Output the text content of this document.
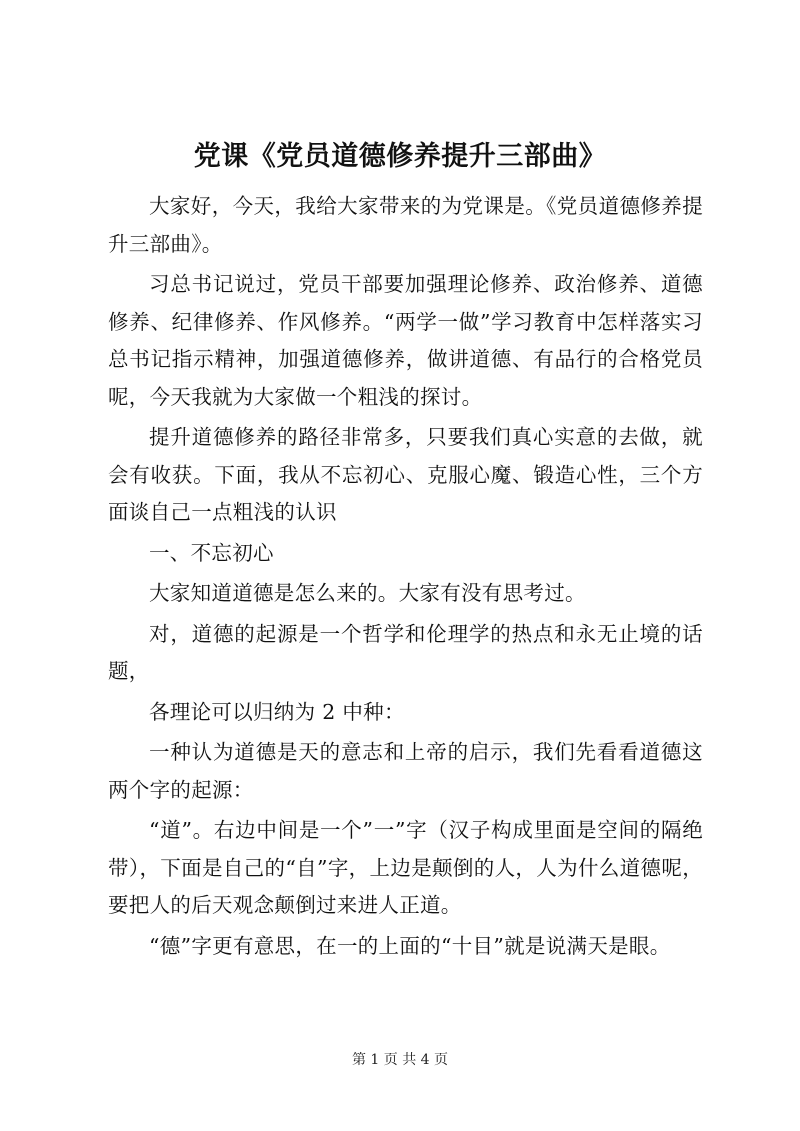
党课《党员道德修养提升三部曲》

大家好，今天，我给大家带来的为党课是。《党员道德修养提升三部曲》。

习总书记说过，党员干部要加强理论修养、政治修养、道德修养、纪律修养、作风修养。“两学一做”学习教育中怎样落实习总书记指示精神，加强道德修养，做讲道德、有品行的合格党员呢，今天我就为大家做一个粗浅的探讨。

提升道德修养的路径非常多，只要我们真心实意的去做，就会有收获。下面，我从不忘初心、克服心魔、锻造心性，三个方面谈自己一点粗浅的认识

一、不忘初心

大家知道道德是怎么来的。大家有没有思考过。

对，道德的起源是一个哲学和伦理学的热点和永无止境的话题，

各理论可以归纳为 2 中种：

一种认为道德是天的意志和上帝的启示，我们先看看道德这两个字的起源：

“道”。右边中间是一个”一”字（汉子构成里面是空间的隔绝带），下面是自己的“自”字，上边是颠倒的人，人为什么道德呢，要把人的后天观念颠倒过来进人正道。

“德”字更有意思，在一的上面的“十目”就是说满天是眼。

第 1 页 共 4 页
